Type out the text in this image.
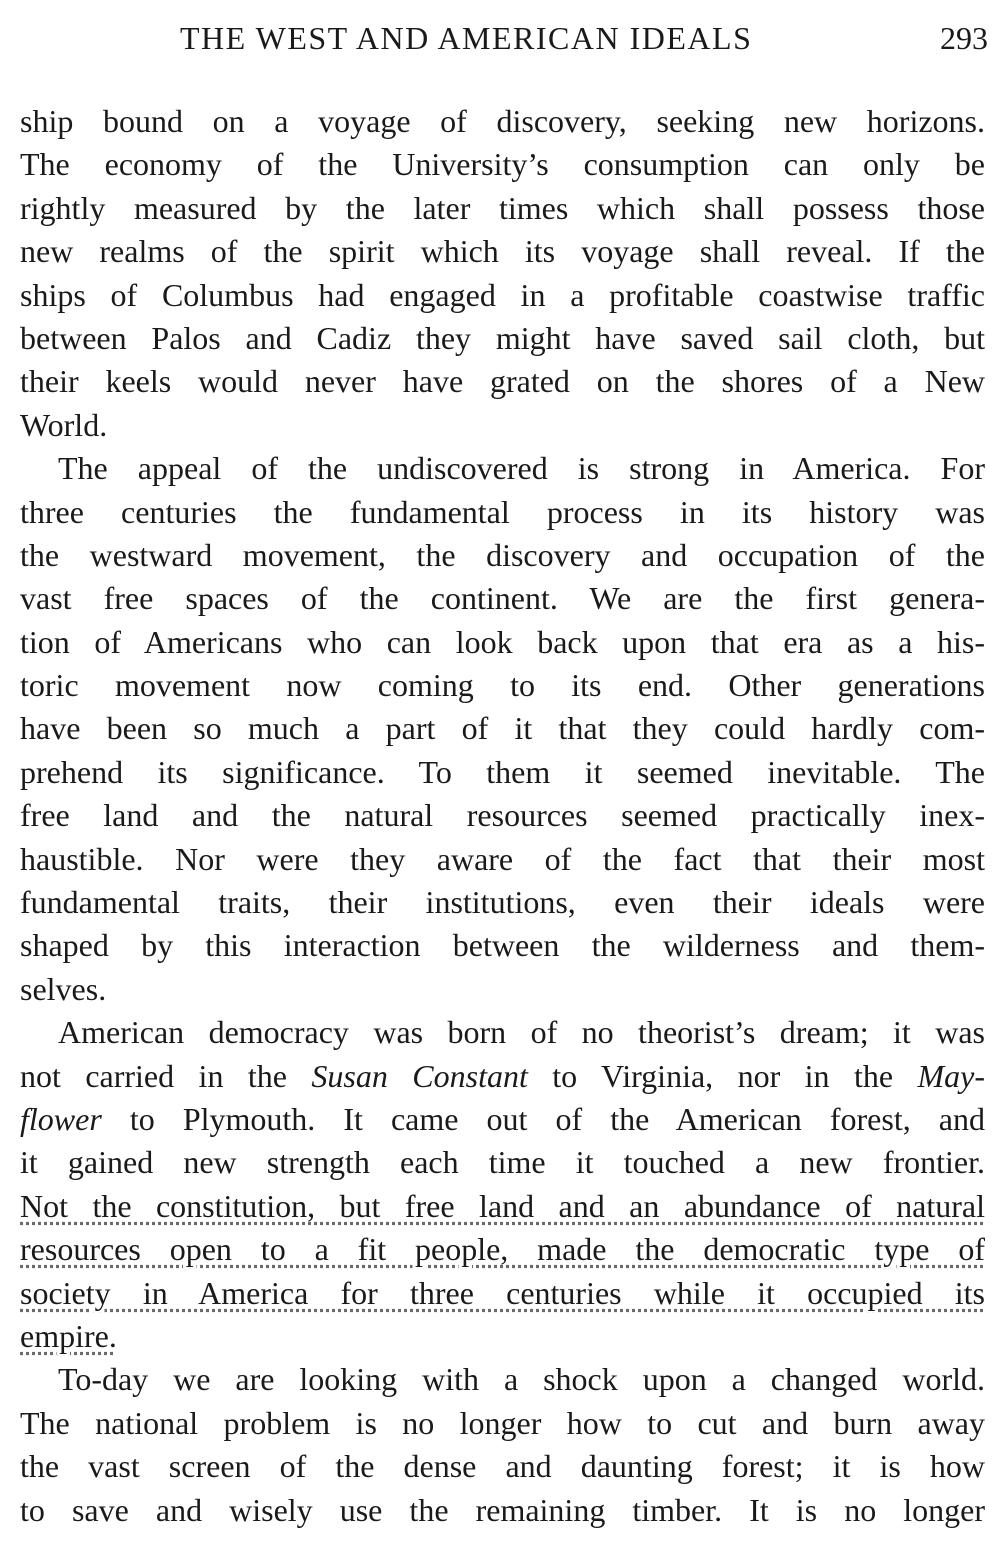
THE WEST AND AMERICAN IDEALS	293
ship bound on a voyage of discovery, seeking new horizons.
The economy of the University’s consumption can only be
rightly measured by the later times which shall possess those
new realms of the spirit which its voyage shall reveal. If the
ships of Columbus had engaged in a profitable coastwise traffic
between Palos and Cadiz they might have saved sail cloth, but
their keels would never have grated on the shores of a New
World.
The appeal of the undiscovered is strong in America. For
three centuries the fundamental process in its history was
the westward movement, the discovery and occupation of the
vast free spaces of the continent. We are the first genera-
tion of Americans who can look back upon that era as a his-
toric movement now coming to its end. Other generations
have been so much a part of it that they could hardly com-
prehend its significance. To them it seemed inevitable. The
free land and the natural resources seemed practically inex-
haustible. Nor were they aware of the fact that their most
fundamental traits, their institutions, even their ideals were
shaped by this interaction between the wilderness and them-
selves.
American democracy was born of no theorist’s dream; it was
not carried in the Susan Constant to Virginia, nor in the May-
flower to Plymouth. It came out of the American forest, and
it gained new strength each time it touched a new frontier.
Not the constitution, but free land and an abundance of natural
resources open to a fit people, made the democratic type of
society in America for three centuries while it occupied its
empire.
To-day we are looking with a shock upon a changed world.
The national problem is no longer how to cut and burn away
the vast screen of the dense and daunting forest; it is how
to save and wisely use the remaining timber. It is no longer
